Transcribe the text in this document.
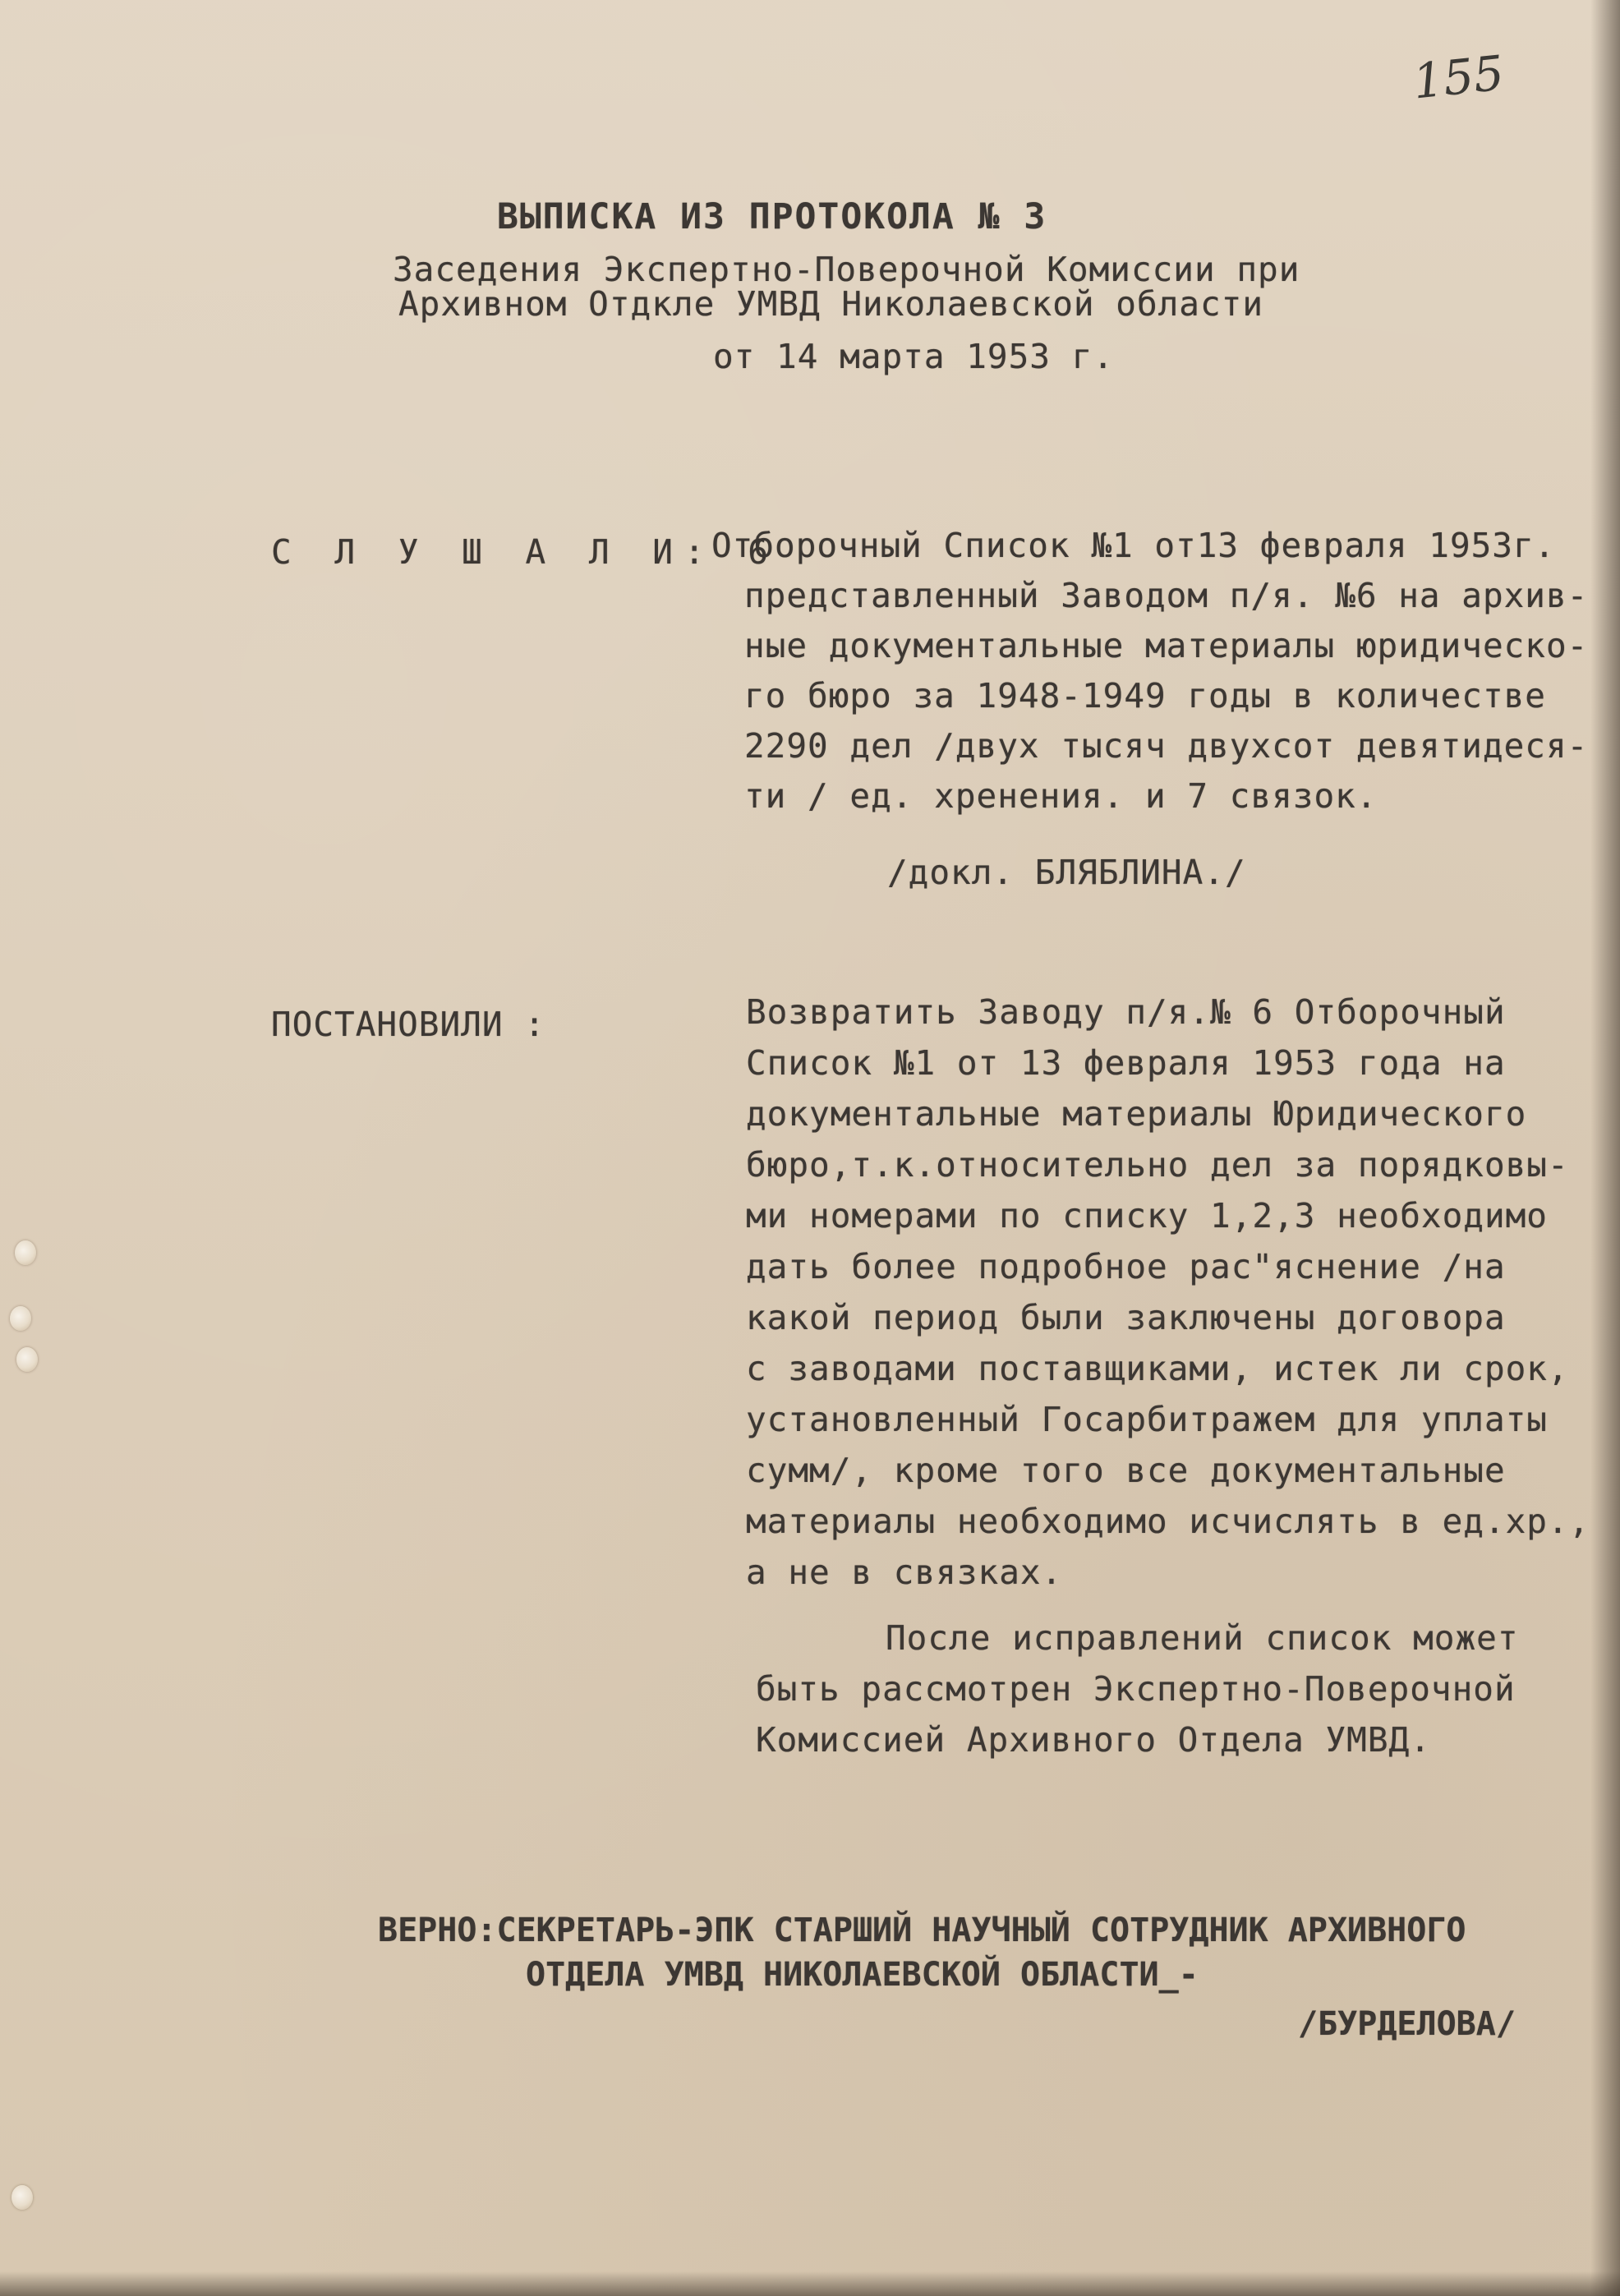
155
ВЫПИСКА ИЗ ПРОТОКОЛА № 3
Заседения Экспертно-Поверочной Комиссии при
Архивном Отдкле УМВД Николаевской области
от 14 марта 1953 г.
С Л У Ш А Л И: 6
Отборочный Список №1 от13 февраля 1953г.
представленный Заводом п/я. №6 на архив-
ные документальные материалы юридическо-
го бюро за 1948-1949 годы в количестве
2290 дел /двух тысяч двухсот девятидеся-
ти / ед. хренения. и 7 связок.
/докл. БЛЯБЛИНА./
ПОСТАНОВИЛИ :	Возвратить Заводу п/я.№ 6 Отборочный
Список №1 от 13 февраля 1953 года на
документальные материалы Юридического
бюро,т.к.относительно дел за порядковы-
ми номерами по списку 1,2,3 необходимо
дать более подробное рас"яснение /на
какой период были заключены договора
с заводами поставщиками, истек ли срок,
установленный Госарбитражем для уплаты
сумм/, кроме того все документальные
материалы необходимо исчислять в ед.хр.,
а не в связках.
После исправлений список может
быть рассмотрен Экспертно-Поверочной
Комиссией Архивного Отдела УМВД.
ВЕРНО:СЕКРЕТАРЬ-ЭПК СТАРШИЙ НАУЧНЫЙ СОТРУДНИК АРХИВНОГО
ОТДЕЛА УМВД НИКОЛАЕВСКОЙ ОБЛАСТИ_-
/БУРДЕЛОВА/
